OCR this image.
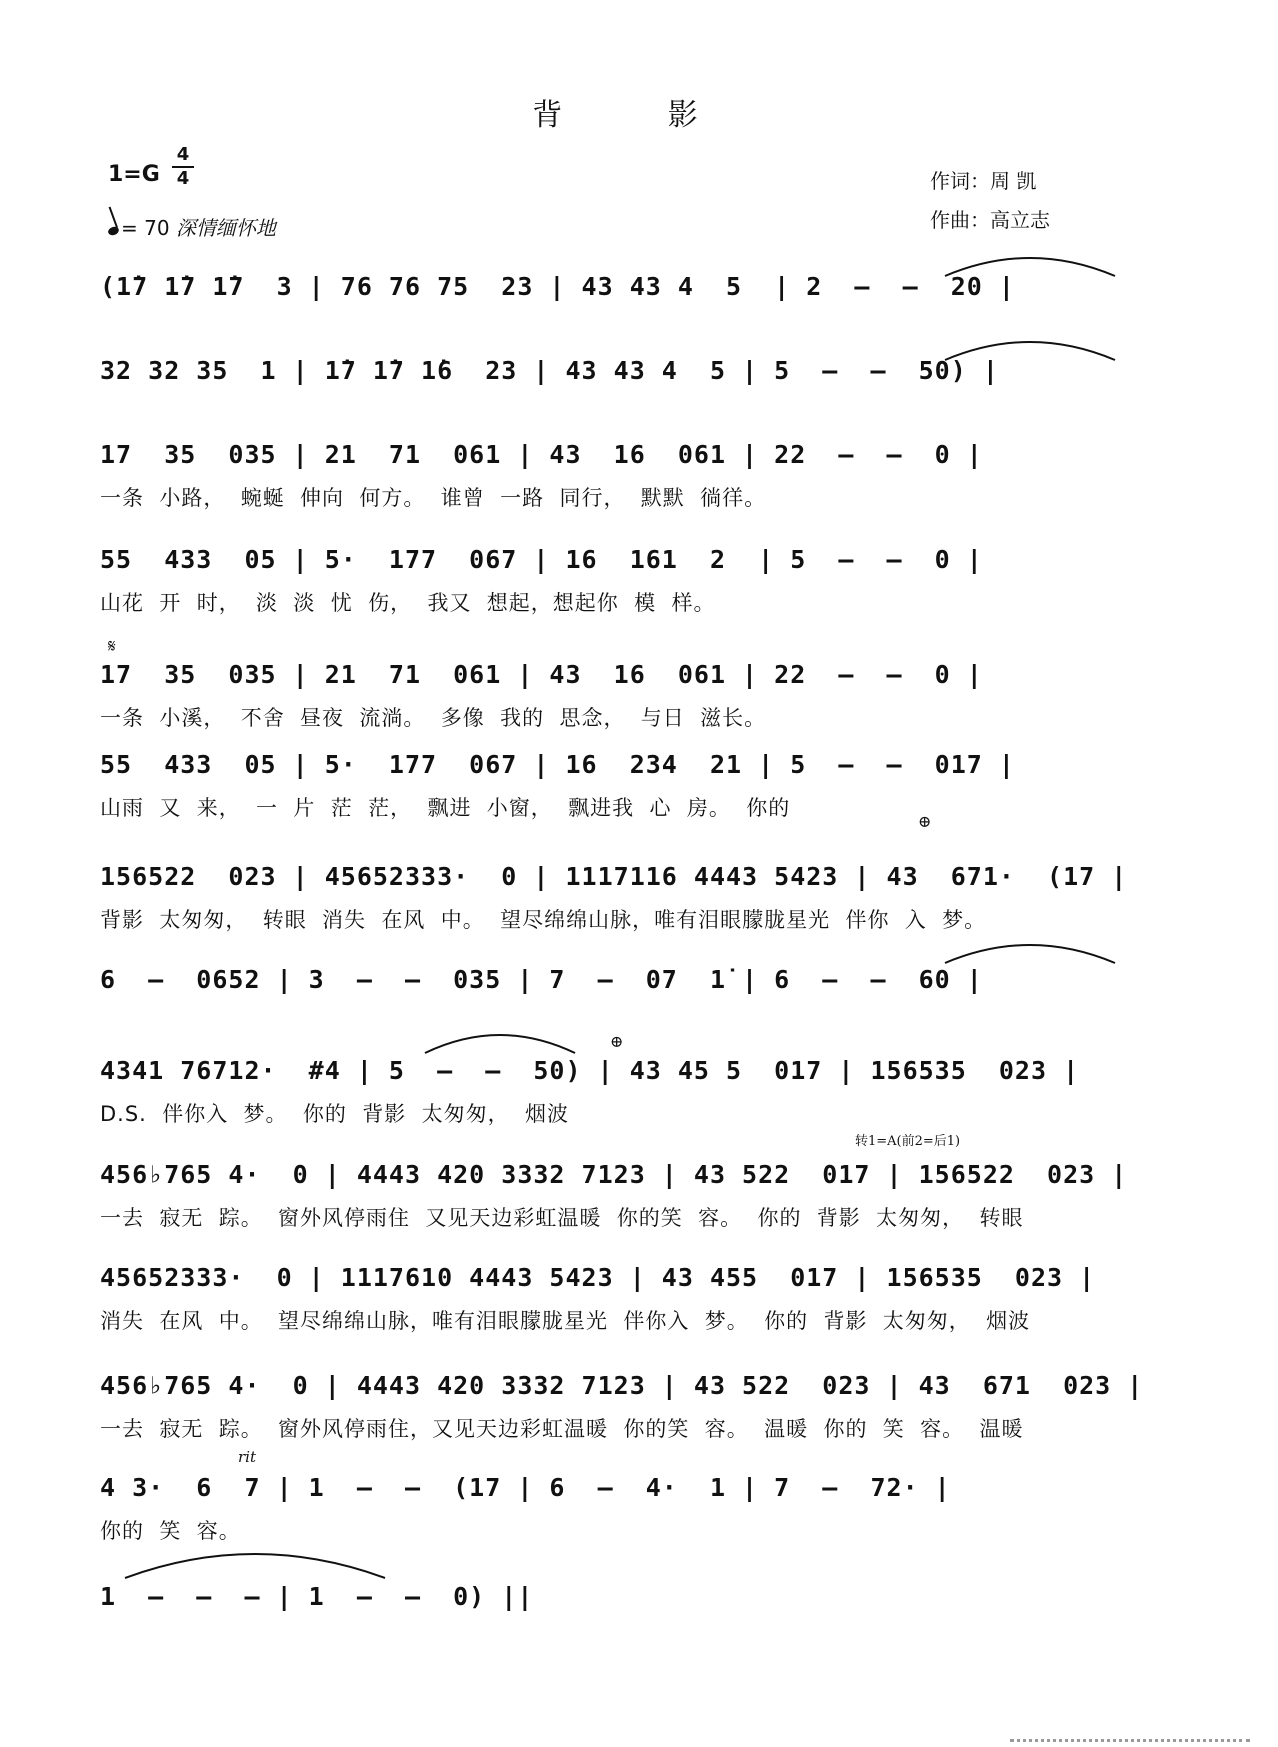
背 影
1=G
4
4
= 70 深情缅怀地
作词：周 凯
作曲：高立志
(1̇7 1̇7 1̇7  3 | 76 76 75  23 | 43 43 4  5  | 2  –  –  20 |
32 32 35  1 | 1̇7 1̇7 1̇6  23 | 43 43 4  5 | 5  –  –  50) |
17  35  035 | 21  71  061 | 43  16  061 | 22  –  –  0 |
一条  小路，  蜿蜒  伸向  何方。  谁曾  一路  同行，  默默  徜徉。
55  433  05 | 5·  177  067 | 16  161  2  | 5  –  –  0 |
山花  开  时，  淡  淡  忧  伤，  我又  想起，想起你  模  样。
𝄋
17  35  035 | 21  71  061 | 43  16  061 | 22  –  –  0 |
一条  小溪，  不舍  昼夜  流淌。  多像  我的  思念，  与日  滋长。
55  433  05 | 5·  177  067 | 16  234  21 | 5  –  –  017 |
山雨  又  来，  一  片  茫  茫，  飘进  小窗，  飘进我  心  房。  你的
⊕
156522  023 | 45652333·  0 | 1117116 4443 5423 | 43  671·  (17 |
背影  太匆匆，  转眼  消失  在风  中。  望尽绵绵山脉，唯有泪眼朦胧星光  伴你  入  梦。
6  –  0652 | 3  –  –  035 | 7  –  07  1̇ | 6  –  –  60 |
⊕
4341 76712·  #4 | 5  –  –  50) | 43 45 5  017 | 156535  023 |
D.S.  伴你入  梦。  你的  背影  太匆匆，  烟波
转1=A(前2=后1)
456♭765 4·  0 | 4443 420 3332 7123 | 43 522  017 | 156522  023 |
一去  寂无  踪。  窗外风停雨住  又见天边彩虹温暖  你的笑  容。  你的  背影  太匆匆，  转眼
45652333·  0 | 1117610 4443 5423 | 43 455  017 | 156535  023 |
消失  在风  中。  望尽绵绵山脉，唯有泪眼朦胧星光  伴你入  梦。  你的  背影  太匆匆，  烟波
456♭765 4·  0 | 4443 420 3332 7123 | 43 522  023 | 43  671  023 |
一去  寂无  踪。  窗外风停雨住，又见天边彩虹温暖  你的笑  容。  温暖  你的  笑  容。  温暖
rit
4 3·  6  7 | 1  –  –  (17 | 6  –  4·  1 | 7  –  72· |
你的  笑  容。
1  –  –  – | 1  –  –  0) ||
